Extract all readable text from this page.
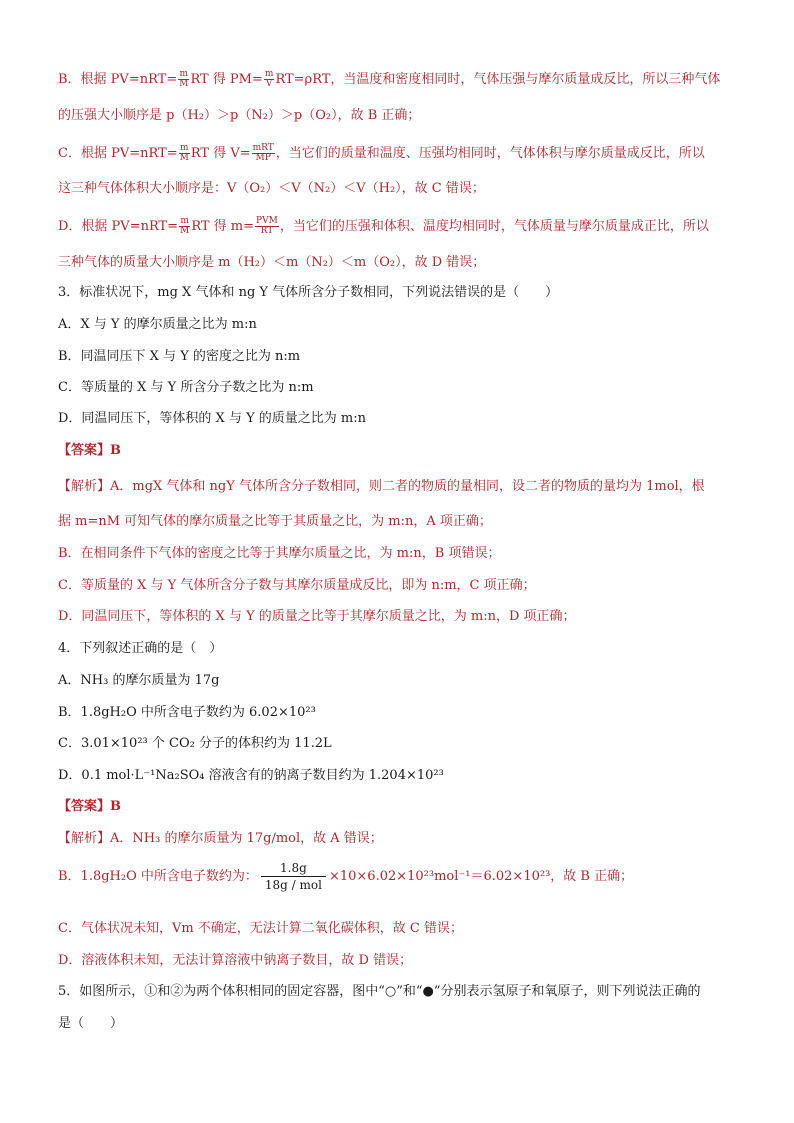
B．根据 $PV=nRT= \frac{m}{M}$ RT 得 $PM= \frac{m}{V} RT=\rho RT$，当温度和密度相同时，气体压强与摩尔质量成反比，所以三种气体
的压强大小顺序是 p（H₂）＞p（N₂）＞p（O₂），故 B 正确；
C．根据 $PV=nRT= \frac{m}{M}$ RT 得 $V= \frac{\text{mRT}}{MP}$ ，当它们的质量和温度、压强均相同时，气体体积与摩尔质量成反比，所以
这三种气体体积大小顺序是：V（O₂）＜V（N₂）＜V（H₂），故 C 错误；
D．根据 $PV=nRT= \frac{m}{M}$ RT 得 $m= \frac{\text{PVM}}{RT}$ ，当它们的压强和体积、温度均相同时，气体质量与摩尔质量成正比，所以
三种气体的质量大小顺序是 m（H₂）＜m（N₂）＜m（O₂），故 D 错误；
3．标准状况下，mg X 气体和 ng Y 气体所含分子数相同，下列说法错误的是（　　）
A．X 与 Y 的摩尔质量之比为 m:n
B．同温同压下 X 与 Y 的密度之比为 n:m
C．等质量的 X 与 Y 所含分子数之比为 n:m
D．同温同压下，等体积的 X 与 Y 的质量之比为 m:n
【答案】B
【解析】A．mgX 气体和 ngY 气体所含分子数相同，则二者的物质的量相同，设二者的物质的量均为 1mol，根
据 m=nM 可知气体的摩尔质量之比等于其质量之比，为 m:n，A 项正确；
B．在相同条件下气体的密度之比等于其摩尔质量之比，为 m:n，B 项错误；
C．等质量的 X 与 Y 气体所含分子数与其摩尔质量成反比，即为 n:m，C 项正确；
D．同温同压下，等体积的 X 与 Y 的质量之比等于其摩尔质量之比，为 m:n，D 项正确；
4．下列叙述正确的是（　）
A．NH₃ 的摩尔质量为 17g
B．1.8gH₂O 中所含电子数约为 6.02×10²³
C．3.01×10²³ 个 CO₂ 分子的体积约为 11.2L
D．0.1 mol·L⁻¹Na₂SO₄ 溶液含有的钠离子数目约为 1.204×10²³
【答案】B
【解析】A．NH₃ 的摩尔质量为 17g/mol，故 A 错误；
B．1.8gH₂O 中所含电子数约为： $\frac{1.8g}{\text{18g / mol}} \times 10\times 6.02\times 10^{23}mol^{-1}=6.02\times 10^{23}$，故 B 正确；
C．气体状况未知，Vm 不确定，无法计算二氧化碳体积，故 C 错误；
D．溶液体积未知，无法计算溶液中钠离子数目，故 D 错误；
5．如图所示，①和②为两个体积相同的固定容器，图中“○”和“●”分别表示氢原子和氧原子，则下列说法正确的
是（　　）
